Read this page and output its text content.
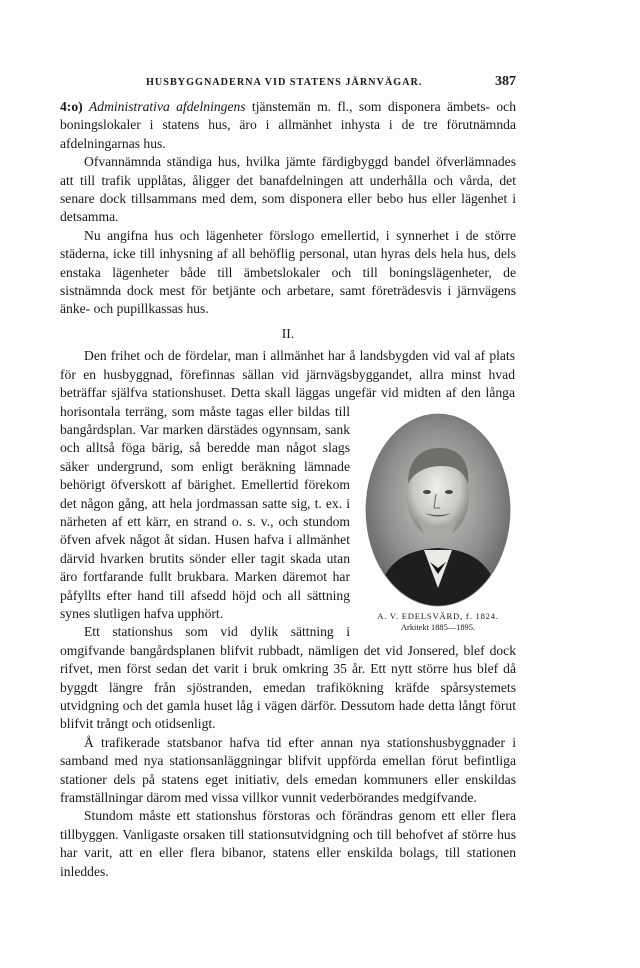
HUSBYGGNADERNA VID STATENS JÄRNVÄGAR.	387

4:o) Administrativa afdelningens tjänstemän m. fl., som disponera ämbets- och boningslokaler i statens hus, äro i allmänhet inhysta i de tre förutnämnda afdelningarnas hus.

Ofvannämnda ständiga hus, hvilka jämte färdigbyggd bandel öfverlämnades att till trafik upplåtas, åligger det banafdelningen att underhålla och vårda, det senare dock tillsammans med dem, som disponera eller bebo hus eller lägenhet i detsamma.

Nu angifna hus och lägenheter förslogo emellertid, i synnerhet i de större städerna, icke till inhysning af all behöflig personal, utan hyras dels hela hus, dels enstaka lägenheter både till ämbetslokaler och till boningslägenheter, de sistnämnda dock mest för betjänte och arbetare, samt företrädesvis i järnvägens änke- och pupillkassas hus.

II.

Den frihet och de fördelar, man i allmänhet har å landsbygden vid val af plats för en husbyggnad, förefinnas sällan vid järnvägsbyggandet, allra minst hvad beträffar själfva stationshuset. Detta skall läggas ungefär vid midten af den långa horisontala terräng, som måste tagas eller bildas till bangårdsplan. Var marken därstädes ogynnsam, sank och alltså föga bärig, så beredde man något slags säker undergrund, som enligt beräkning lämnade behörigt öfverskott af bärighet. Emellertid förekom det någon gång, att hela jordmassan satte sig, t. ex. i närheten af ett kärr, en strand o. s. v., och stundom öfven afvek något åt sidan. Husen hafva i allmänhet därvid hvarken brutits sönder eller tagit skada utan äro fortfarande fullt brukbara. Marken däremot har påfyllts efter hand till afsedd höjd och all sättning synes slutligen hafva upphört.

Ett stationshus som vid dylik sättning i omgifvande bangårdsplanen blifvit rubbadt, nämligen det vid Jonsered, blef dock rifvet, men först sedan det varit i bruk omkring 35 år. Ett nytt större hus blef då byggdt längre från sjöstranden, emedan trafikökning kräfde spårsystemets utvidgning och det gamla huset låg i vägen därför. Dessutom hade detta långt förut blifvit trångt och otidsenligt.

Å trafikerade statsbanor hafva tid efter annan nya stationshusbyggnader i samband med nya stationsanläggningar blifvit uppförda emellan förut befintliga stationer dels på statens eget initiativ, dels emedan kommuners eller enskildas framställningar därom med vissa villkor vunnit vederbörandes medgifvande.

Stundom måste ett stationshus förstoras och förändras genom ett eller flera tillbyggen. Vanligaste orsaken till stationsutvidgning och till behofvet af större hus har varit, att en eller flera bibanor, statens eller enskilda bolags, till stationen inleddes.

A. V. EDELSVÄRD, f. 1824.
Arkitekt 1885—1895.
